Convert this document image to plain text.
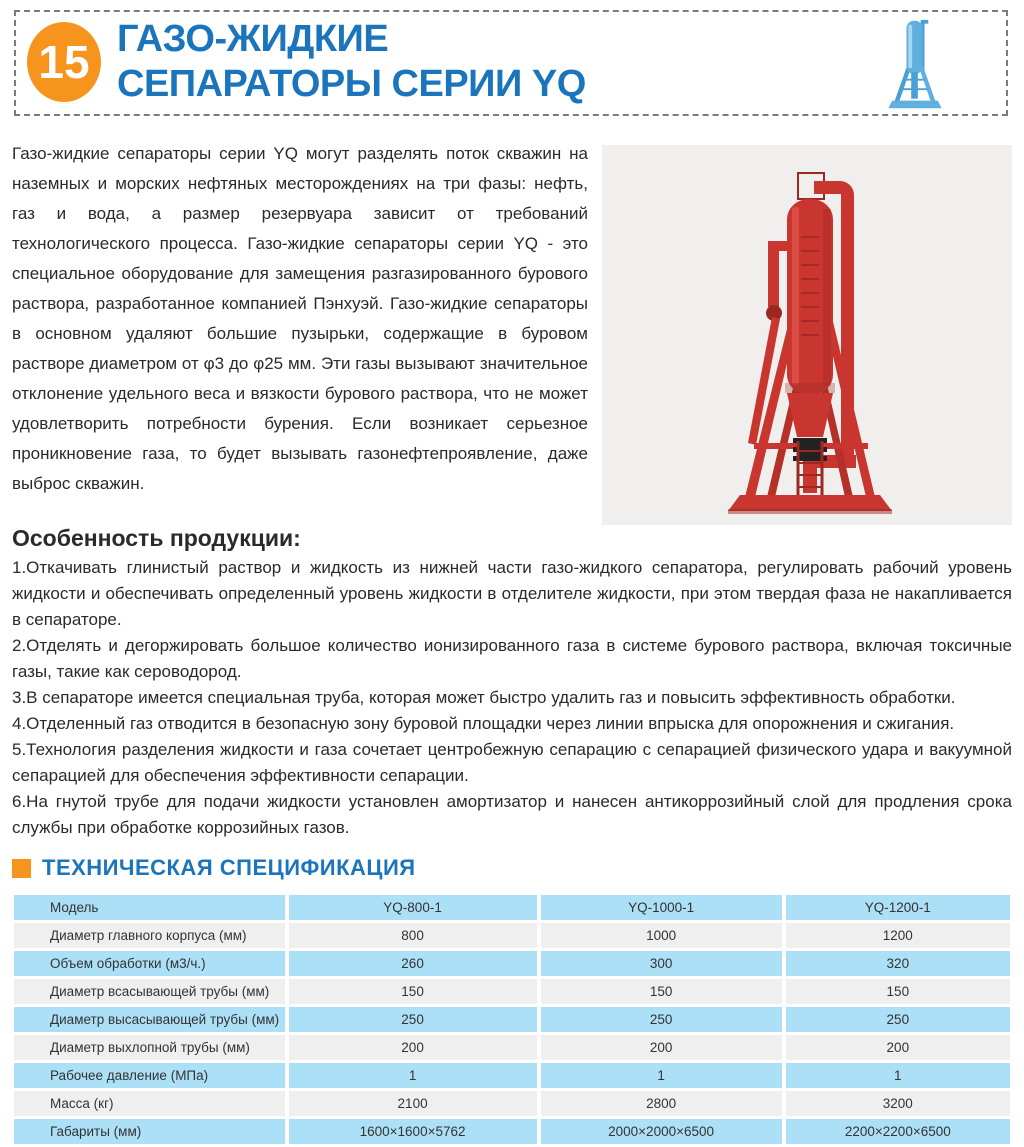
15 ГАЗО-ЖИДКИЕ
СЕПАРАТОРЫ СЕРИИ YQ

Газо-жидкие сепараторы серии YQ могут разделять поток скважин на наземных и морских нефтяных месторождениях на три фазы: нефть, газ и вода, а размер резервуара зависит от требований технологического процесса. Газо-жидкие сепараторы серии YQ - это специальное оборудование для замещения разгазированного бурового раствора, разработанное компанией Пэнхуэй. Газо-жидкие сепараторы в основном удаляют большие пузырьки, содержащие в буровом растворе диаметром от φ3 до φ25 мм. Эти газы вызывают значительное отклонение удельного веса и вязкости бурового раствора, что не может удовлетворить потребности бурения. Если возникает серьезное проникновение газа, то будет вызывать газонефтепроявление, даже выброс скважин.

Особенность продукции:

1.Откачивать глинистый раствор и жидкость из нижней части газо-жидкого сепаратора, регулировать рабочий уровень жидкости и обеспечивать определенный уровень жидкости в отделителе жидкости, при этом твердая фаза не накапливается в сепараторе.

2.Отделять и дегоржировать большое количество ионизированного газа в системе бурового раствора, включая токсичные газы, такие как сероводород.

3.В сепараторе имеется специальная труба, которая может быстро удалить газ и повысить эффективность обработки.

4.Отделенный газ отводится в безопасную зону буровой площадки через линии впрыска для опорожнения и сжигания.

5.Технология разделения жидкости и газа сочетает центробежную сепарацию с сепарацией физического удара и вакуумной сепарацией для обеспечения эффективности сепарации.

6.На гнутой трубе для подачи жидкости установлен амортизатор и нанесен антикоррозийный слой для продления срока службы при обработке коррозийных газов.

ТЕХНИЧЕСКАЯ СПЕЦИФИКАЦИЯ
Модель	YQ-800-1	YQ-1000-1	YQ-1200-1
Диаметр главного корпуса (мм)	800	1000	1200
Объем обработки (м3/ч.)	260	300	320
Диаметр всасывающей трубы (мм)	150	150	150
Диаметр высасывающей трубы (мм)	250	250	250
Диаметр выхлопной трубы (мм)	200	200	200
Рабочее давление (МПа)	1	1	1
Масса (кг)	2100	2800	3200
Габариты (мм)	1600×1600×5762	2000×2000×6500	2200×2200×6500
